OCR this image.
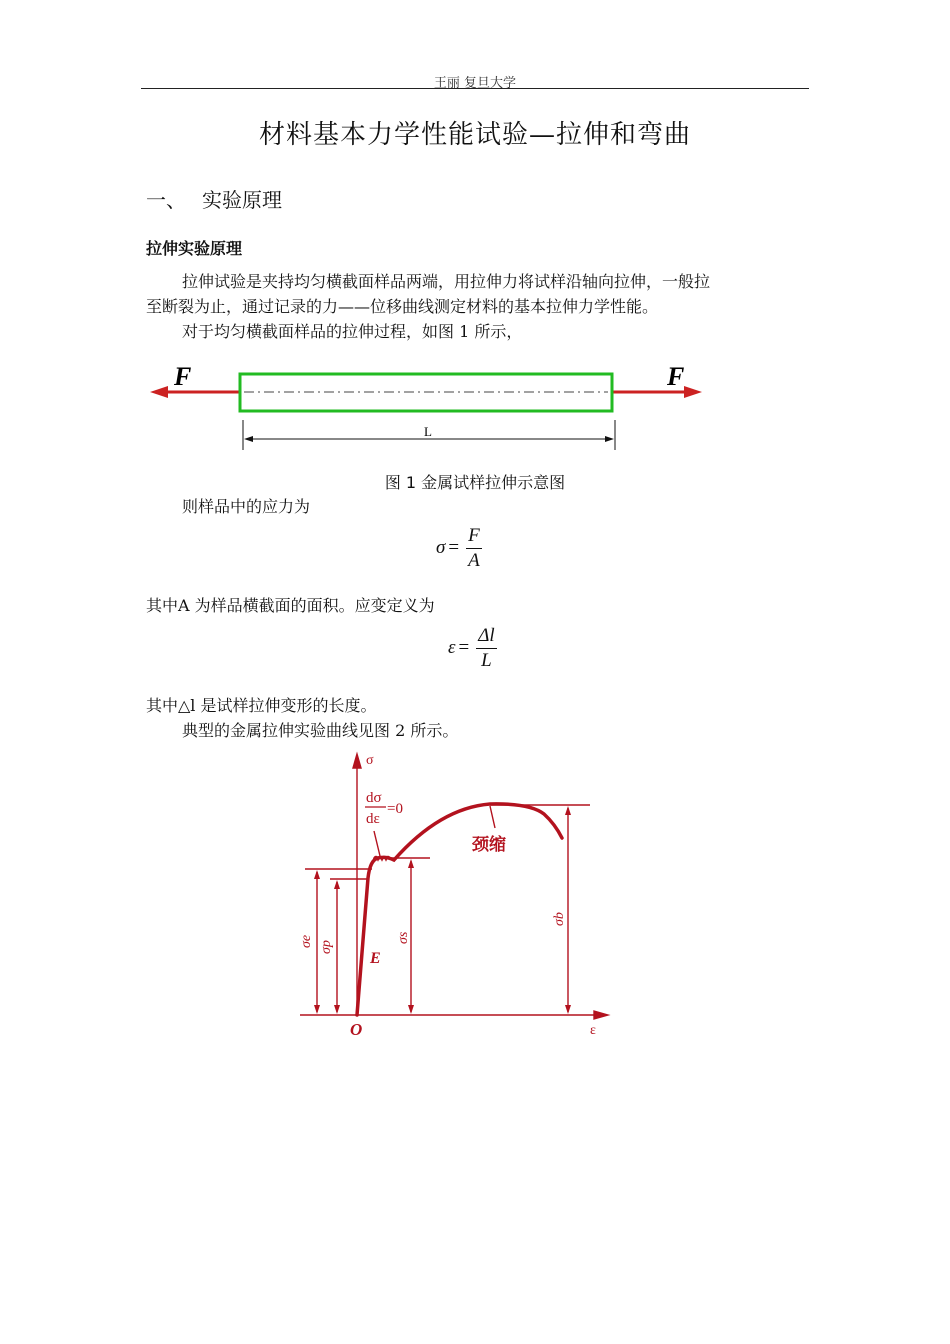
王丽 复旦大学
材料基本力学性能试验—拉伸和弯曲
一、 实验原理
拉伸实验原理
拉伸试验是夹持均匀横截面样品两端，用拉伸力将试样沿轴向拉伸，一般拉
至断裂为止，通过记录的力——位移曲线测定材料的基本拉伸力学性能。
对于均匀横截面样品的拉伸过程，如图 1 所示，
F	F
L
图 1 金属试样拉伸示意图
则样品中的应力为
$\sigma = \frac{F}{A}$
其中A 为样品横截面的面积。应变定义为
$\varepsilon = \frac{\Delta l}{L}$
其中△l 是试样拉伸变形的长度。
典型的金属拉伸实验曲线见图 2 所示。
σ
ε
O
dσ
dε
=0
颈缩
E
σe σp
σs
σb
